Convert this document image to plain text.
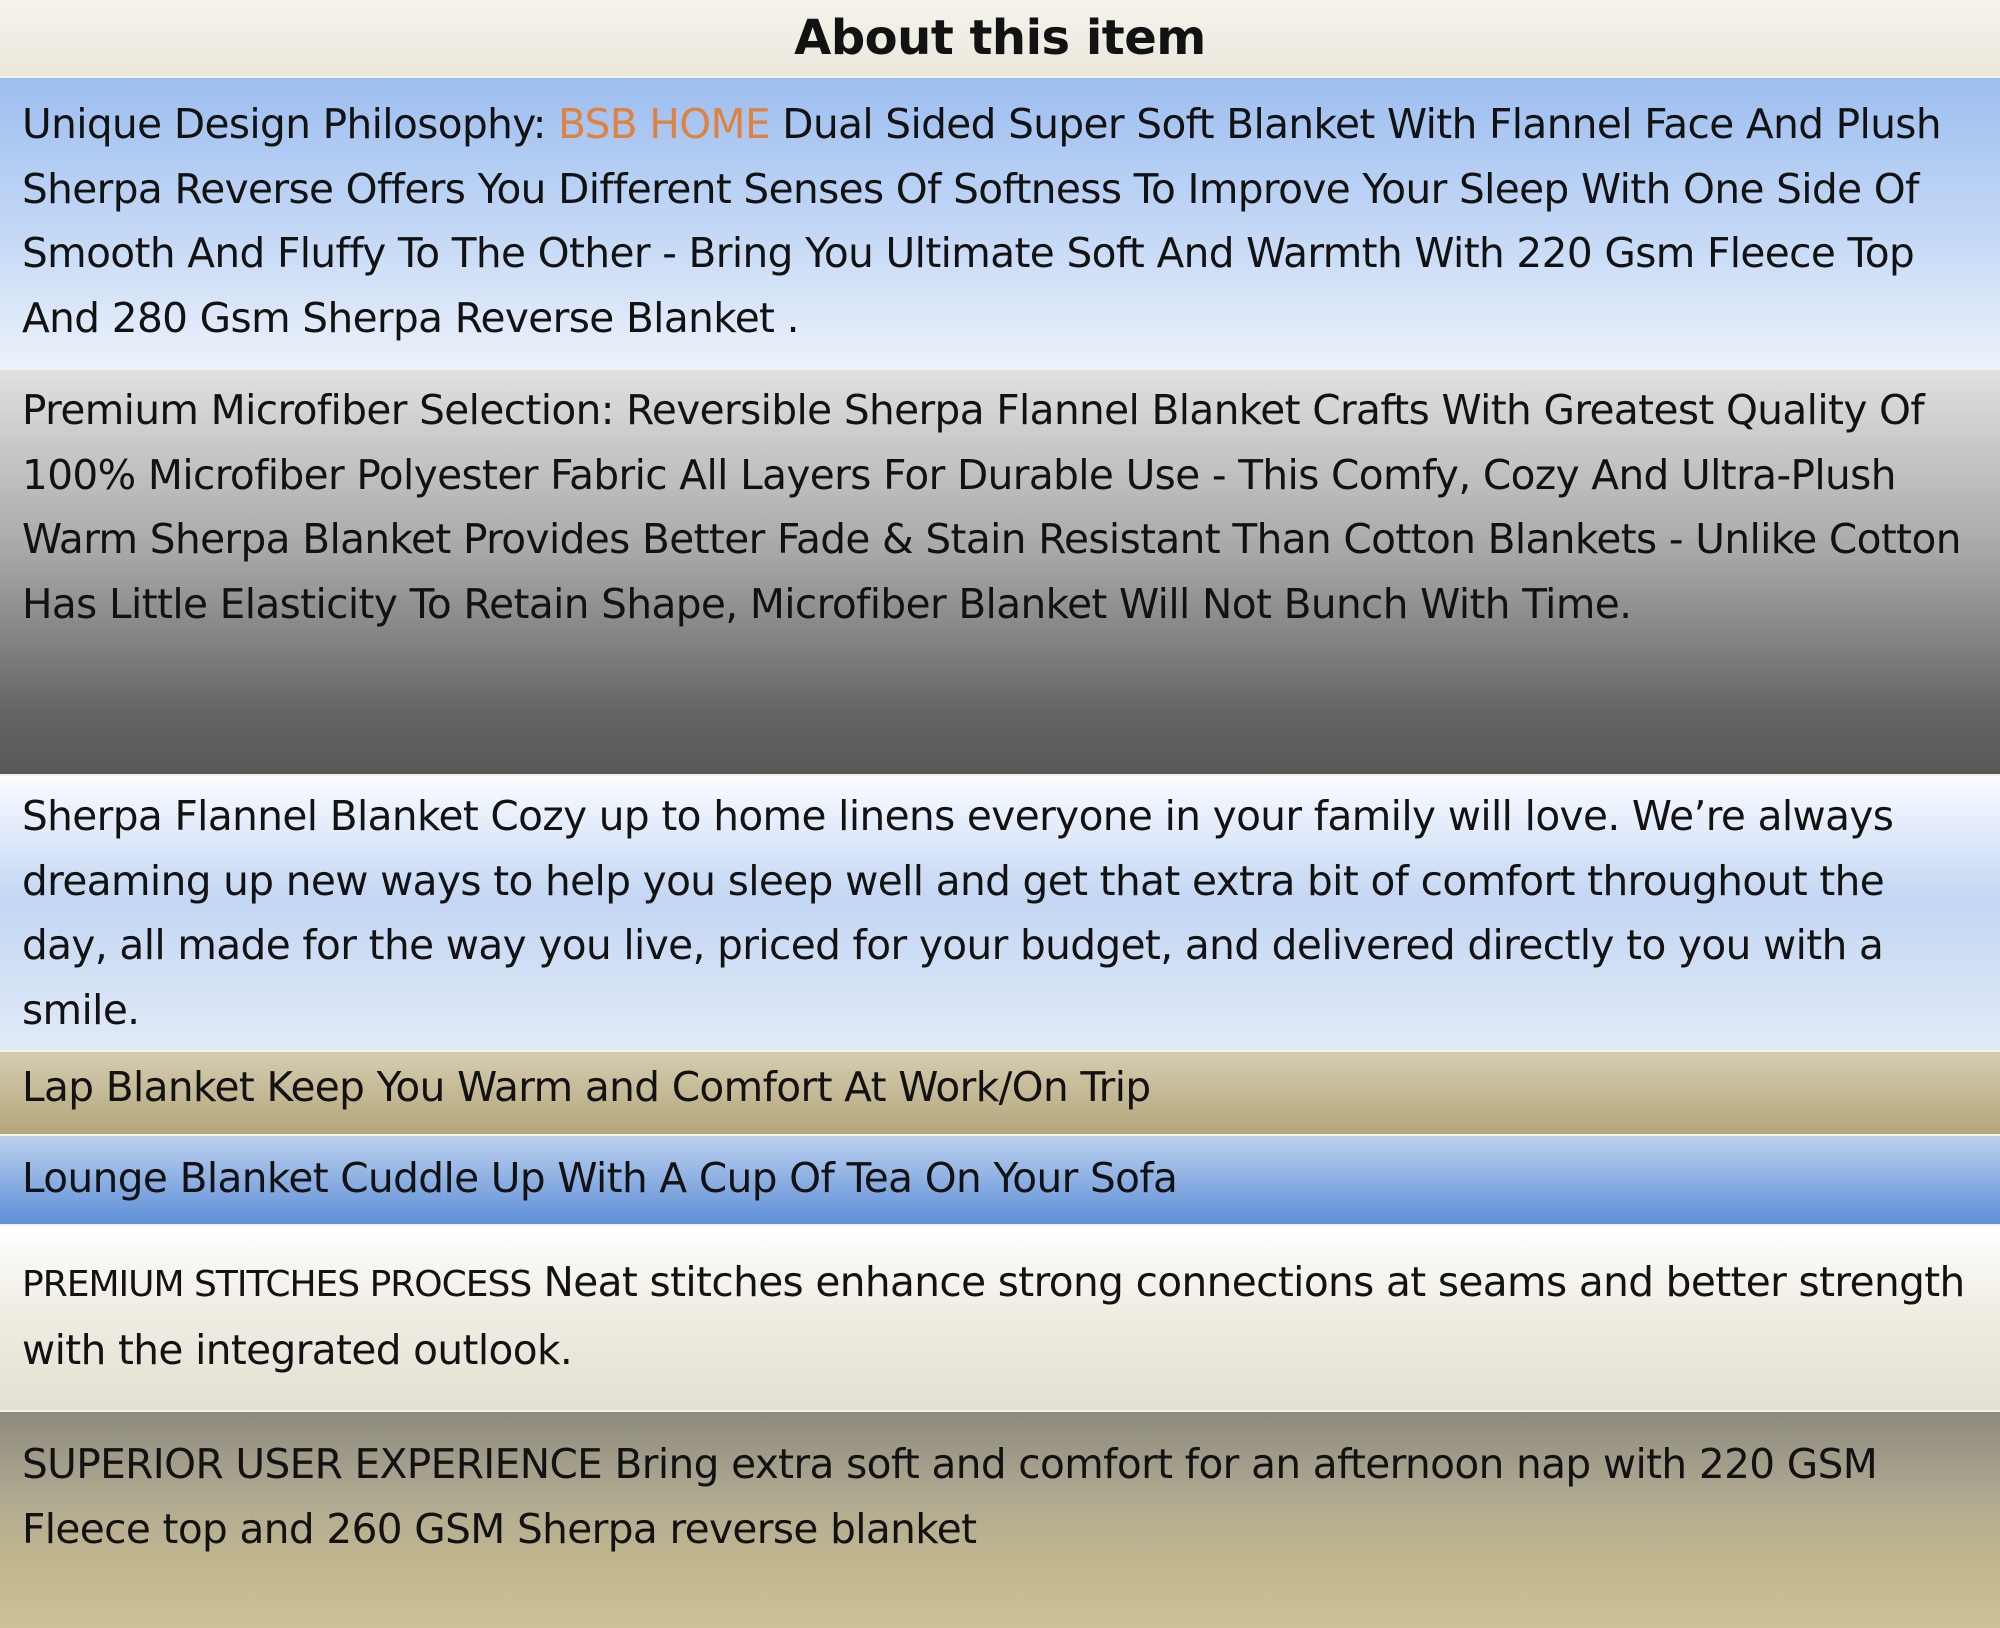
About this item

Unique Design Philosophy: BSB HOME Dual Sided Super Soft Blanket With Flannel Face And Plush Sherpa Reverse Offers You Different Senses Of Softness To Improve Your Sleep With One Side Of Smooth And Fluffy To The Other - Bring You Ultimate Soft And Warmth With 220 Gsm Fleece Top And 280 Gsm Sherpa Reverse Blanket .

Premium Microfiber Selection: Reversible Sherpa Flannel Blanket Crafts With Greatest Quality Of 100% Microfiber Polyester Fabric All Layers For Durable Use - This Comfy, Cozy And Ultra-Plush Warm Sherpa Blanket Provides Better Fade & Stain Resistant Than Cotton Blankets - Unlike Cotton Has Little Elasticity To Retain Shape, Microfiber Blanket Will Not Bunch With Time.

Sherpa Flannel Blanket Cozy up to home linens everyone in your family will love. We’re always dreaming up new ways to help you sleep well and get that extra bit of comfort throughout the day, all made for the way you live, priced for your budget, and delivered directly to you with a smile.

Lap Blanket Keep You Warm and Comfort At Work/On Trip

Lounge Blanket Cuddle Up With A Cup Of Tea On Your Sofa

PREMIUM STITCHES PROCESS Neat stitches enhance strong connections at seams and better strength with the integrated outlook.

SUPERIOR USER EXPERIENCE Bring extra soft and comfort for an afternoon nap with 220 GSM Fleece top and 260 GSM Sherpa reverse blanket
